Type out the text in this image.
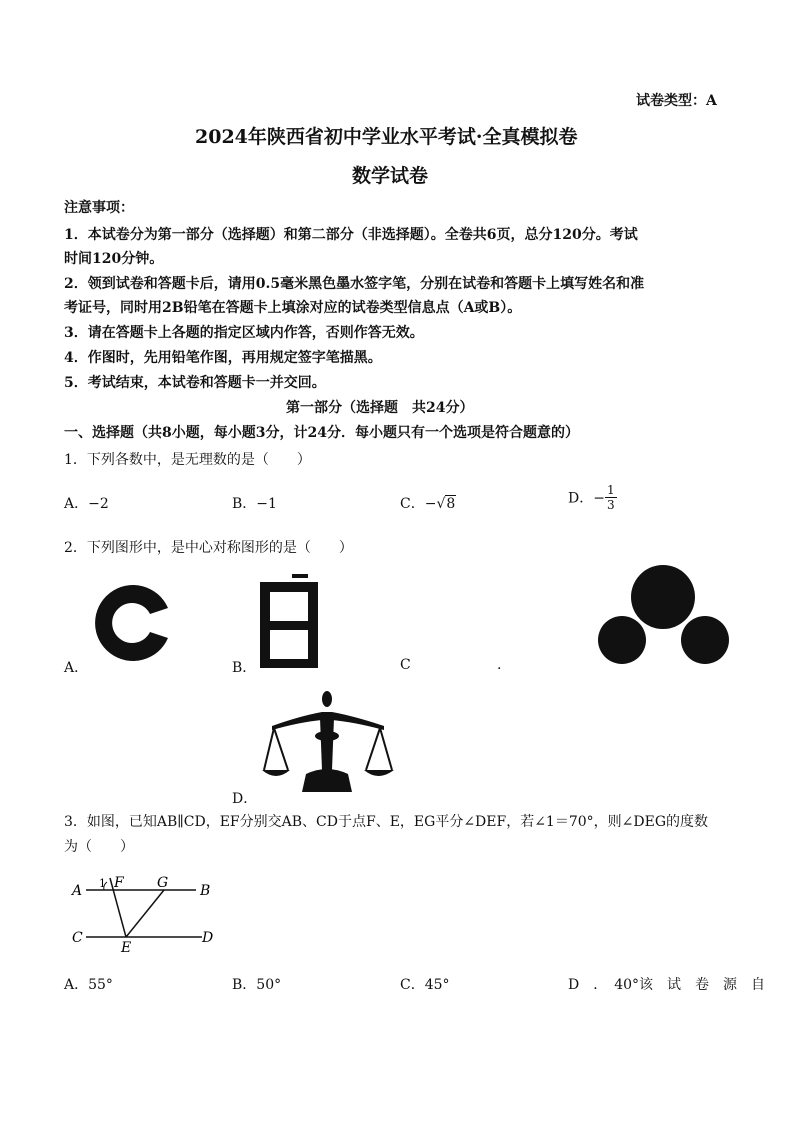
试卷类型：A
2024年陕西省初中学业水平考试·全真模拟卷
数学试卷
注意事项：
1．本试卷分为第一部分（选择题）和第二部分（非选择题）。全卷共6页，总分120分。考试
时间120分钟。
2．领到试卷和答题卡后，请用0.5毫米黑色墨水签字笔，分别在试卷和答题卡上填写姓名和准
考证号，同时用2B铅笔在答题卡上填涂对应的试卷类型信息点（A或B）。
3．请在答题卡上各题的指定区域内作答，否则作答无效。
4．作图时，先用铅笔作图，再用规定签字笔描黑。
5．考试结束，本试卷和答题卡一并交回。
第一部分（选择题　共24分）
一、选择题（共8小题，每小题3分，计24分．每小题只有一个选项是符合题意的）
1．下列各数中，是无理数的是（　　）
A．−2	B．−1	C．−√8	D．− $\frac{1}{3}$
2．下列图形中，是中心对称图形的是（　　）
A．	B．	C	.
D．
3．如图，已知AB∥CD，EF分别交AB、CD于点F、E，EG平分∠DEF，若∠1＝70°，则∠DEG的度数
为（　　）
A 1 F G B
C
E
D
A．55°	B．50°	C．45°	D　．　40°该　试　卷　源　自
